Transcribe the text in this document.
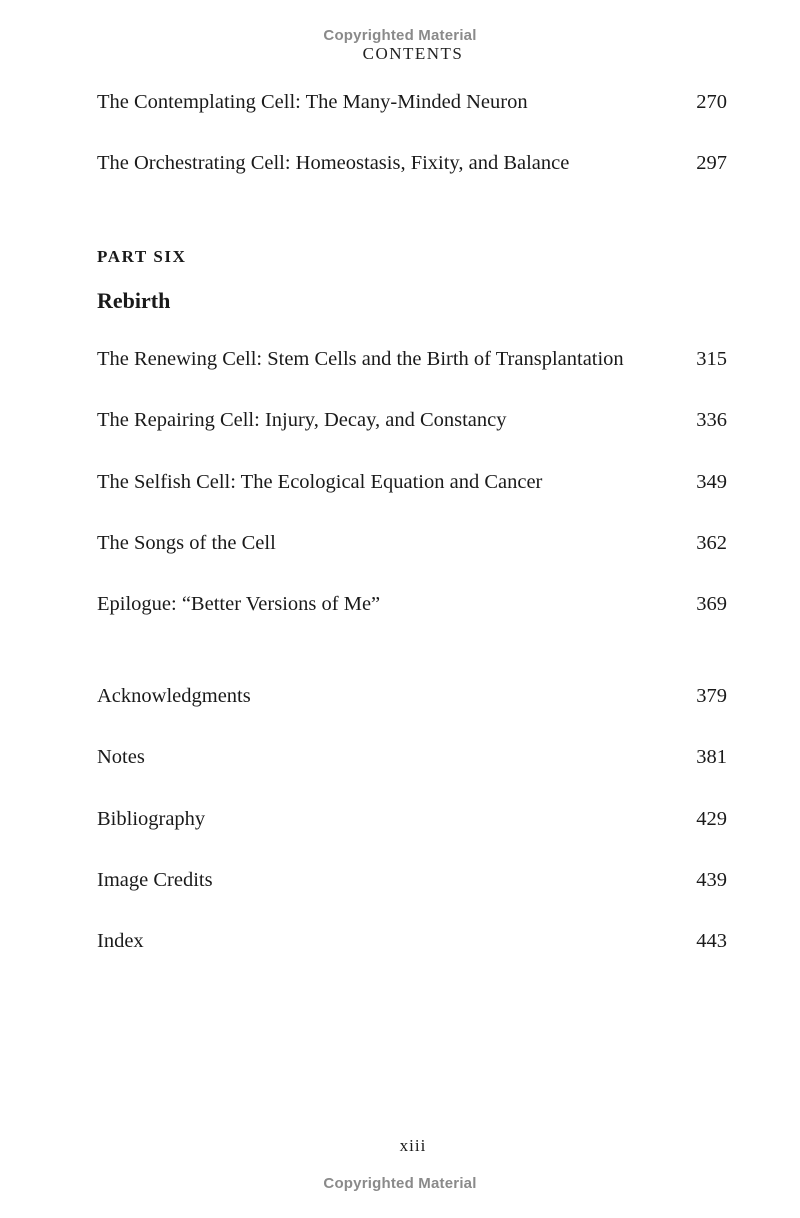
Copyrighted Material
CONTENTS
The Contemplating Cell: The Many-Minded Neuron	270
The Orchestrating Cell: Homeostasis, Fixity, and Balance	297
PART SIX
Rebirth
The Renewing Cell: Stem Cells and the Birth of Transplantation	315
The Repairing Cell: Injury, Decay, and Constancy	336
The Selfish Cell: The Ecological Equation and Cancer	349
The Songs of the Cell	362
Epilogue: “Better Versions of Me”	369
Acknowledgments	379
Notes	381
Bibliography	429
Image Credits	439
Index	443
xiii
Copyrighted Material
